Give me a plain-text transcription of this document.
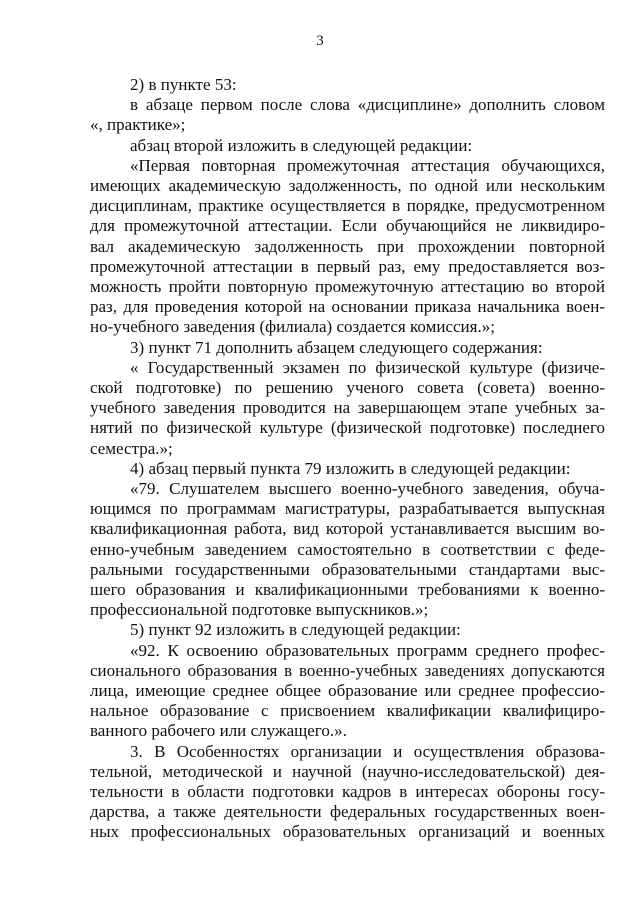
3
2) в пункте 53:
в абзаце первом после слова «дисциплине» дополнить словом
«, практике»;
абзац второй изложить в следующей редакции:
«Первая повторная промежуточная аттестация обучающихся,
имеющих академическую задолженность, по одной или нескольким
дисциплинам, практике осуществляется в порядке, предусмотренном
для промежуточной аттестации. Если обучающийся не ликвидиро-
вал академическую задолженность при прохождении повторной
промежуточной аттестации в первый раз, ему предоставляется воз-
можность пройти повторную промежуточную аттестацию во второй
раз, для проведения которой на основании приказа начальника воен-
но-учебного заведения (филиала) создается комиссия.»;
3) пункт 71 дополнить абзацем следующего содержания:
« Государственный экзамен по физической культуре (физиче-
ской подготовке) по решению ученого совета (совета) военно-
учебного заведения проводится на завершающем этапе учебных за-
нятий по физической культуре (физической подготовке) последнего
семестра.»;
4) абзац первый пункта 79 изложить в следующей редакции:
«79. Слушателем высшего военно-учебного заведения, обуча-
ющимся по программам магистратуры, разрабатывается выпускная
квалификационная работа, вид которой устанавливается высшим во-
енно-учебным заведением самостоятельно в соответствии с феде-
ральными государственными образовательными стандартами выс-
шего образования и квалификационными требованиями к военно-
профессиональной подготовке выпускников.»;
5) пункт 92 изложить в следующей редакции:
«92. К освоению образовательных программ среднего профес-
сионального образования в военно-учебных заведениях допускаются
лица, имеющие среднее общее образование или среднее профессио-
нальное образование с присвоением квалификации квалифициро-
ванного рабочего или служащего.».
3. В Особенностях организации и осуществления образова-
тельной, методической и научной (научно-исследовательской) дея-
тельности в области подготовки кадров в интересах обороны госу-
дарства, а также деятельности федеральных государственных воен-
ных профессиональных образовательных организаций и военных
